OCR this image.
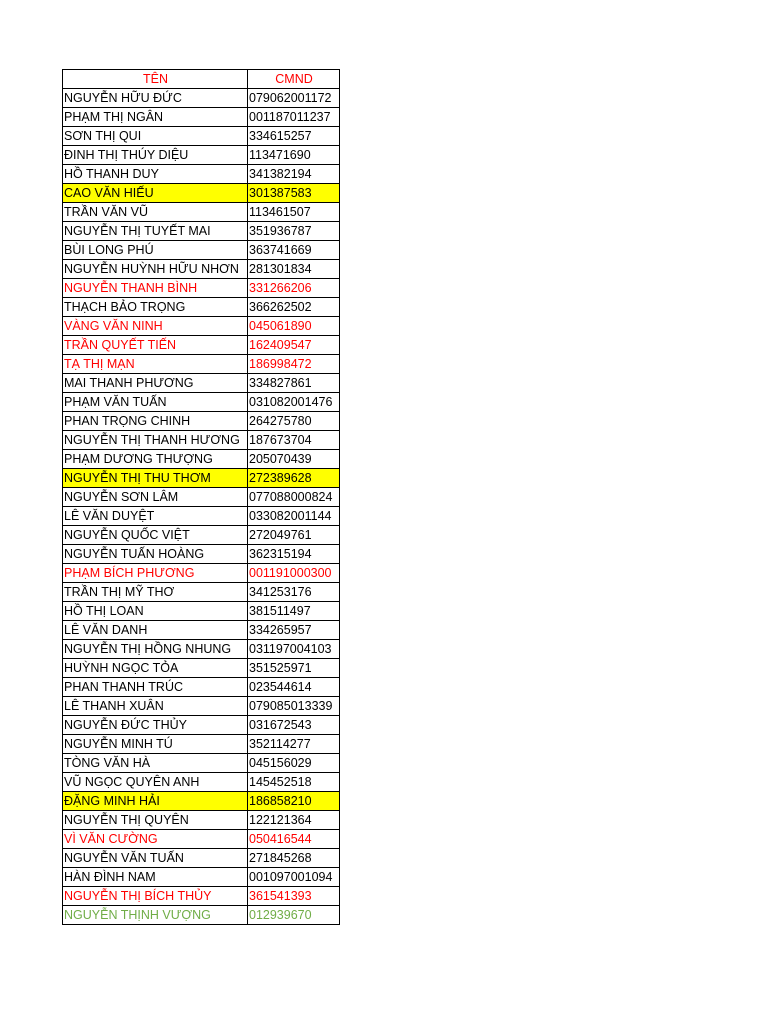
TÊN	CMND
NGUYỄN HỮU ĐỨC	079062001172
PHẠM THỊ NGÂN	001187011237
SƠN THỊ QUI	334615257
ĐINH THỊ THÚY DIỆU	113471690
HỒ THANH DUY	341382194
CAO VĂN HIẾU	301387583
TRẦN VĂN VŨ	113461507
NGUYỄN THỊ TUYẾT MAI	351936787
BÙI LONG PHÚ	363741669
NGUYỄN HUỲNH HỮU NHƠN	281301834
NGUYỄN THANH BÌNH	331266206
THẠCH BẢO TRỌNG	366262502
VÀNG VĂN NINH	045061890
TRẦN QUYẾT TIẾN	162409547
TẠ THỊ MẠN	186998472
MAI THANH PHƯƠNG	334827861
PHẠM VĂN TUẤN	031082001476
PHAN TRỌNG CHINH	264275780
NGUYỄN THỊ THANH HƯƠNG	187673704
PHẠM DƯƠNG THƯỢNG	205070439
NGUYỄN THỊ THU THƠM	272389628
NGUYỄN SƠN LÂM	077088000824
LÊ VĂN DUYỆT	033082001144
NGUYỄN QUỐC VIỆT	272049761
NGUYỄN TUẤN HOÀNG	362315194
PHẠM BÍCH PHƯƠNG	001191000300
TRẦN THỊ MỸ THƠ	341253176
HỒ THỊ LOAN	381511497
LÊ VĂN DANH	334265957
NGUYỄN THỊ HỒNG NHUNG	031197004103
HUỲNH NGỌC TỎA	351525971
PHAN THANH TRÚC	023544614
LÊ THANH XUÂN	079085013339
NGUYỄN ĐỨC THỦY	031672543
NGUYỄN MINH TÚ	352114277
TÒNG VĂN HÀ	045156029
VŨ NGỌC QUYÊN ANH	145452518
ĐẶNG MINH HẢI	186858210
NGUYỄN THỊ QUYÊN	122121364
VÌ VĂN CƯỜNG	050416544
NGUYỄN VĂN TUẤN	271845268
HÀN ĐÌNH NAM	001097001094
NGUYỄN THỊ BÍCH THỦY	361541393
NGUYỄN THỊNH VƯỢNG	012939670
